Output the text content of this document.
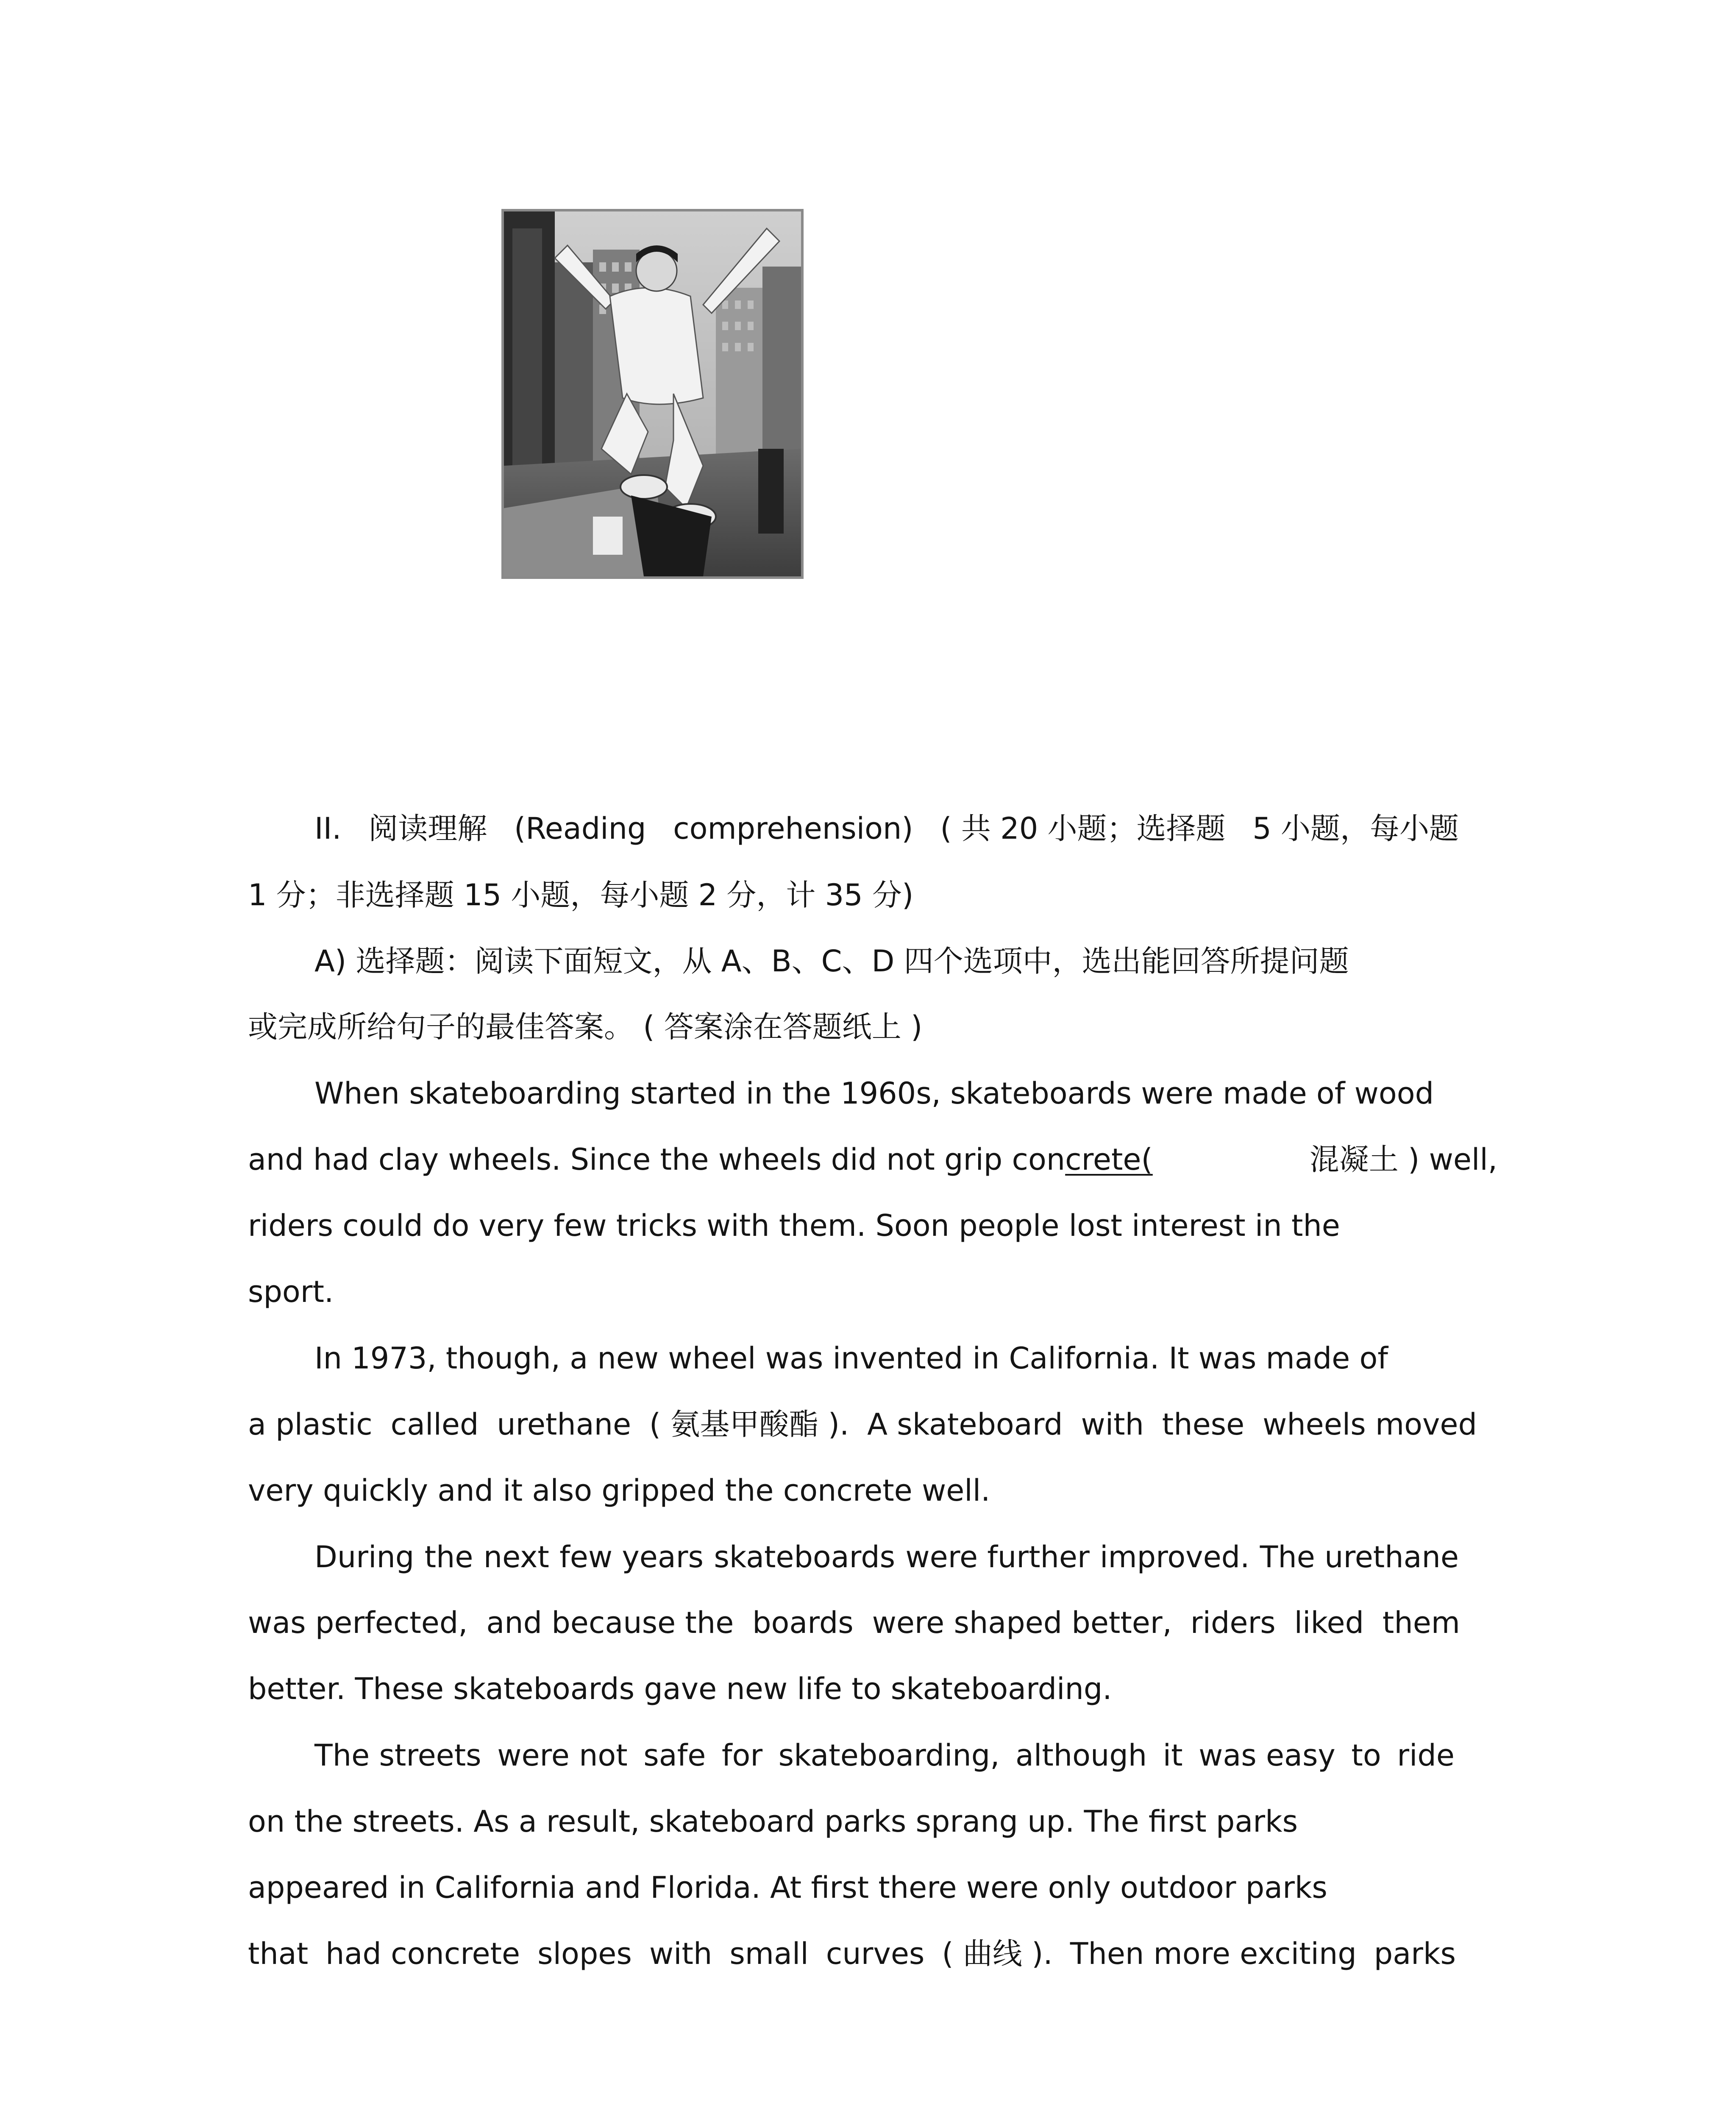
II. 阅读理解 (Reading comprehension) ( 共 20 小题；选择题 5 小题，每小题
1 分；非选择题 15 小题，每小题 2 分，计 35 分)
A) 选择题：阅读下面短文，从 A、B、C、D 四个选项中，选出能回答所提问题
或完成所给句子的最佳答案。 ( 答案涂在答题纸上 )
When skateboarding started in the 1960s, skateboards were made of wood
and had clay wheels. Since the wheels did not grip concrete(	混凝土 ) well,
riders could do very few tricks with them. Soon people lost interest in the
sport.
In 1973, though, a new wheel was invented in California. It was made of
a plastic called urethane ( 氨基甲酸酯 ). A skateboard with these wheels moved
very quickly and it also gripped the concrete well.
During the next few years skateboards were further improved. The urethane
was perfected, and because the boards were shaped better, riders liked them
better. These skateboards gave new life to skateboarding.
The streets were not safe for skateboarding, although it was easy to ride
on the streets. As a result, skateboard parks sprang up. The first parks
appeared in California and Florida. At first there were only outdoor parks
that had concrete slopes with small curves ( 曲线 ). Then more exciting parks
